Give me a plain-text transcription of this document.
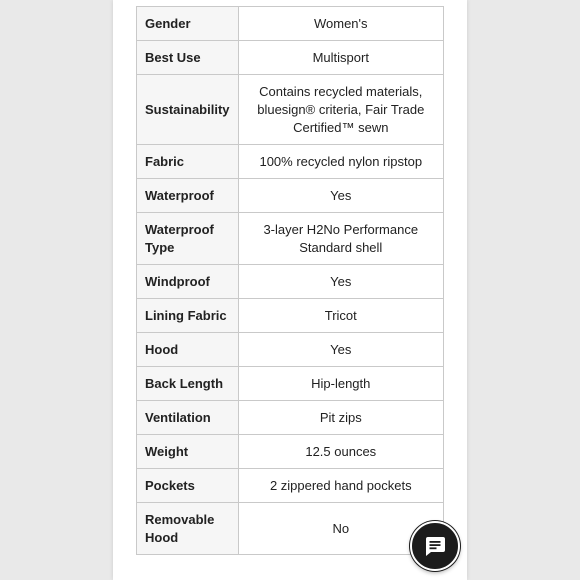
Gender	Women's
Best Use	Multisport
Sustainability	Contains recycled materials, bluesign® criteria, Fair Trade Certified™ sewn
Fabric	100% recycled nylon ripstop
Waterproof	Yes
Waterproof Type	3-layer H2No Performance Standard shell
Windproof	Yes
Lining Fabric	Tricot
Hood	Yes
Back Length	Hip-length
Ventilation	Pit zips
Weight	12.5 ounces
Pockets	2 zippered hand pockets
Removable Hood	No
